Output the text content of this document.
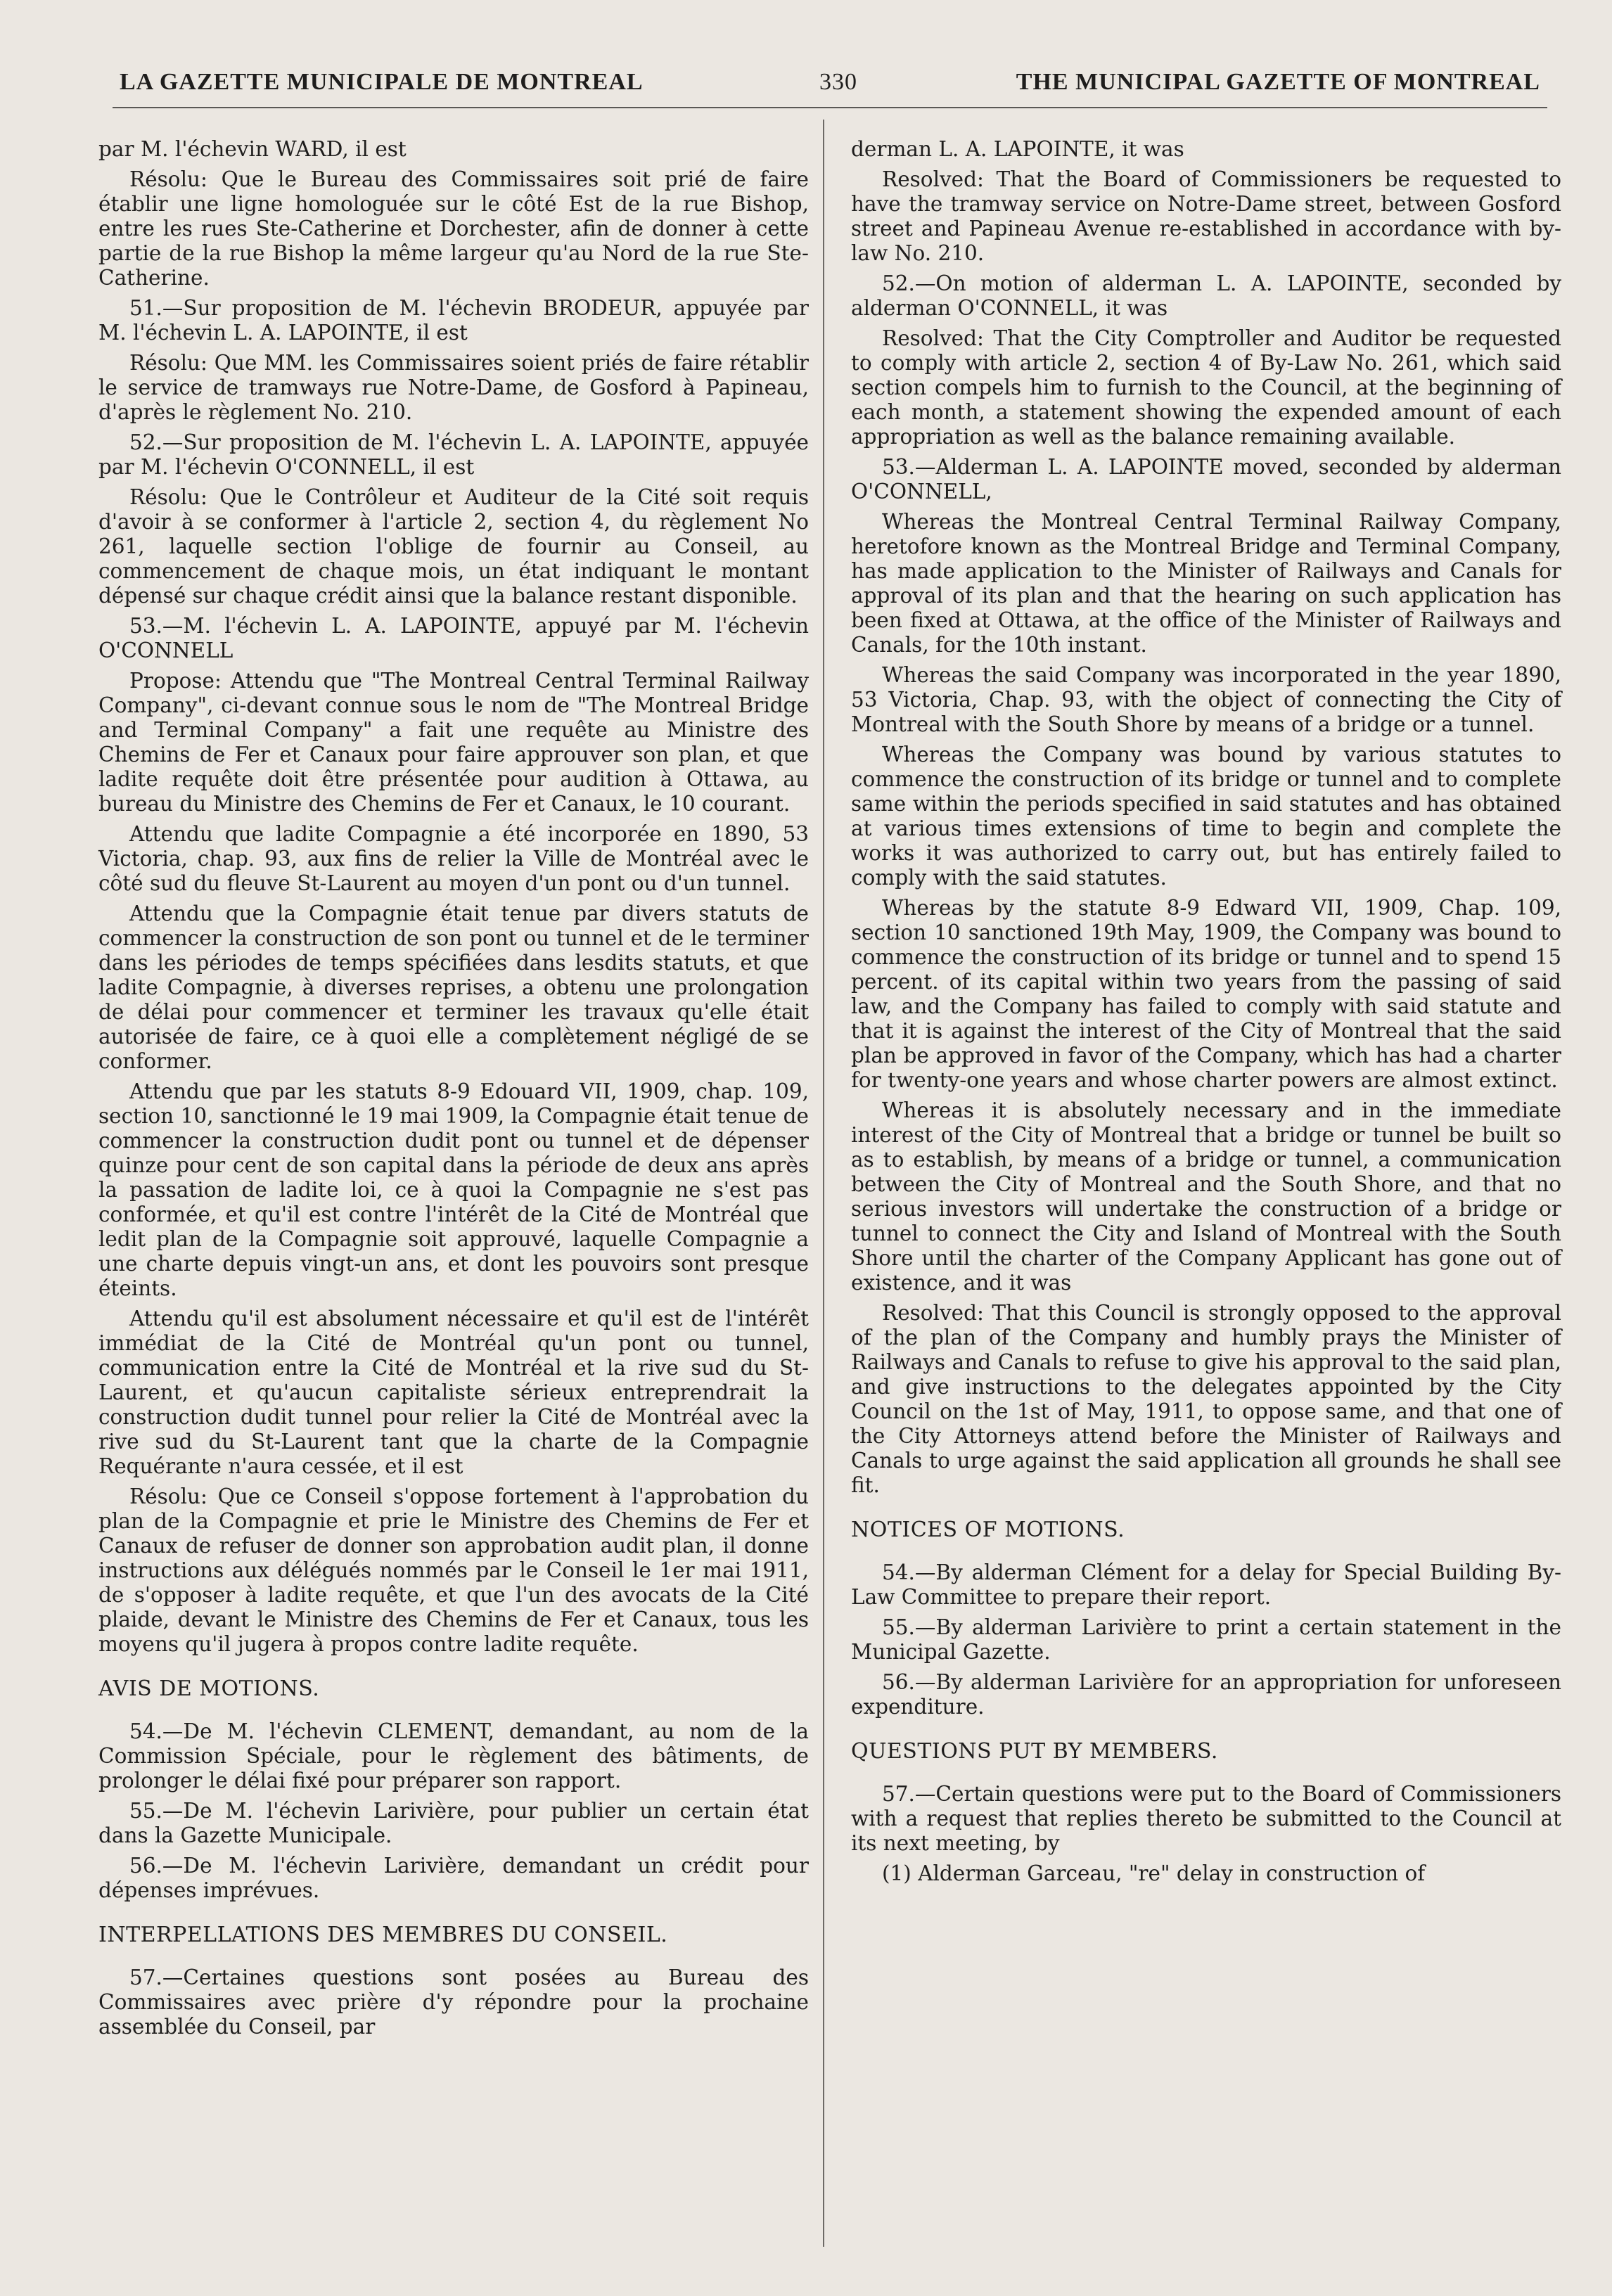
LA GAZETTE MUNICIPALE DE MONTREAL	330	THE MUNICIPAL GAZETTE OF MONTREAL

par M. l'échevin WARD, il est

Résolu: Que le Bureau des Commissaires soit prié de faire établir une ligne homologuée sur le côté Est de la rue Bishop, entre les rues Ste-Catherine et Dorchester, afin de donner à cette partie de la rue Bishop la même largeur qu'au Nord de la rue Ste-Catherine.

51.—Sur proposition de M. l'échevin BRODEUR, appuyée par M. l'échevin L. A. LAPOINTE, il est

Résolu: Que MM. les Commissaires soient priés de faire rétablir le service de tramways rue Notre-Dame, de Gosford à Papineau, d'après le règlement No. 210.

52.—Sur proposition de M. l'échevin L. A. LAPOINTE, appuyée par M. l'échevin O'CONNELL, il est

Résolu: Que le Contrôleur et Auditeur de la Cité soit requis d'avoir à se conformer à l'article 2, section 4, du règlement No 261, laquelle section l'oblige de fournir au Conseil, au commencement de chaque mois, un état indiquant le montant dépensé sur chaque crédit ainsi que la balance restant disponible.

53.—M. l'échevin L. A. LAPOINTE, appuyé par M. l'échevin O'CONNELL

Propose: Attendu que "The Montreal Central Terminal Railway Company", ci-devant connue sous le nom de "The Montreal Bridge and Terminal Company" a fait une requête au Ministre des Chemins de Fer et Canaux pour faire approuver son plan, et que ladite requête doit être présentée pour audition à Ottawa, au bureau du Ministre des Chemins de Fer et Canaux, le 10 courant.

Attendu que ladite Compagnie a été incorporée en 1890, 53 Victoria, chap. 93, aux fins de relier la Ville de Montréal avec le côté sud du fleuve St-Laurent au moyen d'un pont ou d'un tunnel.

Attendu que la Compagnie était tenue par divers statuts de commencer la construction de son pont ou tunnel et de le terminer dans les périodes de temps spécifiées dans lesdits statuts, et que ladite Compagnie, à diverses reprises, a obtenu une prolongation de délai pour commencer et terminer les travaux qu'elle était autorisée de faire, ce à quoi elle a complètement négligé de se conformer.

Attendu que par les statuts 8-9 Edouard VII, 1909, chap. 109, section 10, sanctionné le 19 mai 1909, la Compagnie était tenue de commencer la construction dudit pont ou tunnel et de dépenser quinze pour cent de son capital dans la période de deux ans après la passation de ladite loi, ce à quoi la Compagnie ne s'est pas conformée, et qu'il est contre l'intérêt de la Cité de Montréal que ledit plan de la Compagnie soit approuvé, laquelle Compagnie a une charte depuis vingt-un ans, et dont les pouvoirs sont presque éteints.

Attendu qu'il est absolument nécessaire et qu'il est de l'intérêt immédiat de la Cité de Montréal qu'un pont ou tunnel, communication entre la Cité de Montréal et la rive sud du St-Laurent, et qu'aucun capitaliste sérieux entreprendrait la construction dudit tunnel pour relier la Cité de Montréal avec la rive sud du St-Laurent tant que la charte de la Compagnie Requérante n'aura cessée, et il est

Résolu: Que ce Conseil s'oppose fortement à l'approbation du plan de la Compagnie et prie le Ministre des Chemins de Fer et Canaux de refuser de donner son approbation audit plan, il donne instructions aux délégués nommés par le Conseil le 1er mai 1911, de s'opposer à ladite requête, et que l'un des avocats de la Cité plaide, devant le Ministre des Chemins de Fer et Canaux, tous les moyens qu'il jugera à propos contre ladite requête.

AVIS DE MOTIONS.

54.—De M. l'échevin CLEMENT, demandant, au nom de la Commission Spéciale, pour le règlement des bâtiments, de prolonger le délai fixé pour préparer son rapport.

55.—De M. l'échevin Larivière, pour publier un certain état dans la Gazette Municipale.

56.—De M. l'échevin Larivière, demandant un crédit pour dépenses imprévues.

INTERPELLATIONS DES MEMBRES DU CONSEIL.

57.—Certaines questions sont posées au Bureau des Commissaires avec prière d'y répondre pour la prochaine assemblée du Conseil, par

derman L. A. LAPOINTE, it was

Resolved: That the Board of Commissioners be requested to have the tramway service on Notre-Dame street, between Gosford street and Papineau Avenue re-established in accordance with by-law No. 210.

52.—On motion of alderman L. A. LAPOINTE, seconded by alderman O'CONNELL, it was

Resolved: That the City Comptroller and Auditor be requested to comply with article 2, section 4 of By-Law No. 261, which said section compels him to furnish to the Council, at the beginning of each month, a statement showing the expended amount of each appropriation as well as the balance remaining available.

53.—Alderman L. A. LAPOINTE moved, seconded by alderman O'CONNELL,

Whereas the Montreal Central Terminal Railway Company, heretofore known as the Montreal Bridge and Terminal Company, has made application to the Minister of Railways and Canals for approval of its plan and that the hearing on such application has been fixed at Ottawa, at the office of the Minister of Railways and Canals, for the 10th instant.

Whereas the said Company was incorporated in the year 1890, 53 Victoria, Chap. 93, with the object of connecting the City of Montreal with the South Shore by means of a bridge or a tunnel.

Whereas the Company was bound by various statutes to commence the construction of its bridge or tunnel and to complete same within the periods specified in said statutes and has obtained at various times extensions of time to begin and complete the works it was authorized to carry out, but has entirely failed to comply with the said statutes.

Whereas by the statute 8-9 Edward VII, 1909, Chap. 109, section 10 sanctioned 19th May, 1909, the Company was bound to commence the construction of its bridge or tunnel and to spend 15 percent. of its capital within two years from the passing of said law, and the Company has failed to comply with said statute and that it is against the interest of the City of Montreal that the said plan be approved in favor of the Company, which has had a charter for twenty-one years and whose charter powers are almost extinct.

Whereas it is absolutely necessary and in the immediate interest of the City of Montreal that a bridge or tunnel be built so as to establish, by means of a bridge or tunnel, a communication between the City of Montreal and the South Shore, and that no serious investors will undertake the construction of a bridge or tunnel to connect the City and Island of Montreal with the South Shore until the charter of the Company Applicant has gone out of existence, and it was

Resolved: That this Council is strongly opposed to the approval of the plan of the Company and humbly prays the Minister of Railways and Canals to refuse to give his approval to the said plan, and give instructions to the delegates appointed by the City Council on the 1st of May, 1911, to oppose same, and that one of the City Attorneys attend before the Minister of Railways and Canals to urge against the said application all grounds he shall see fit.

NOTICES OF MOTIONS.

54.—By alderman Clément for a delay for Special Building By-Law Committee to prepare their report.

55.—By alderman Larivière to print a certain statement in the Municipal Gazette.

56.—By alderman Larivière for an appropriation for unforeseen expenditure.

QUESTIONS PUT BY MEMBERS.

57.—Certain questions were put to the Board of Commissioners with a request that replies thereto be submitted to the Council at its next meeting, by

(1) Alderman Garceau, "re" delay in construction of
